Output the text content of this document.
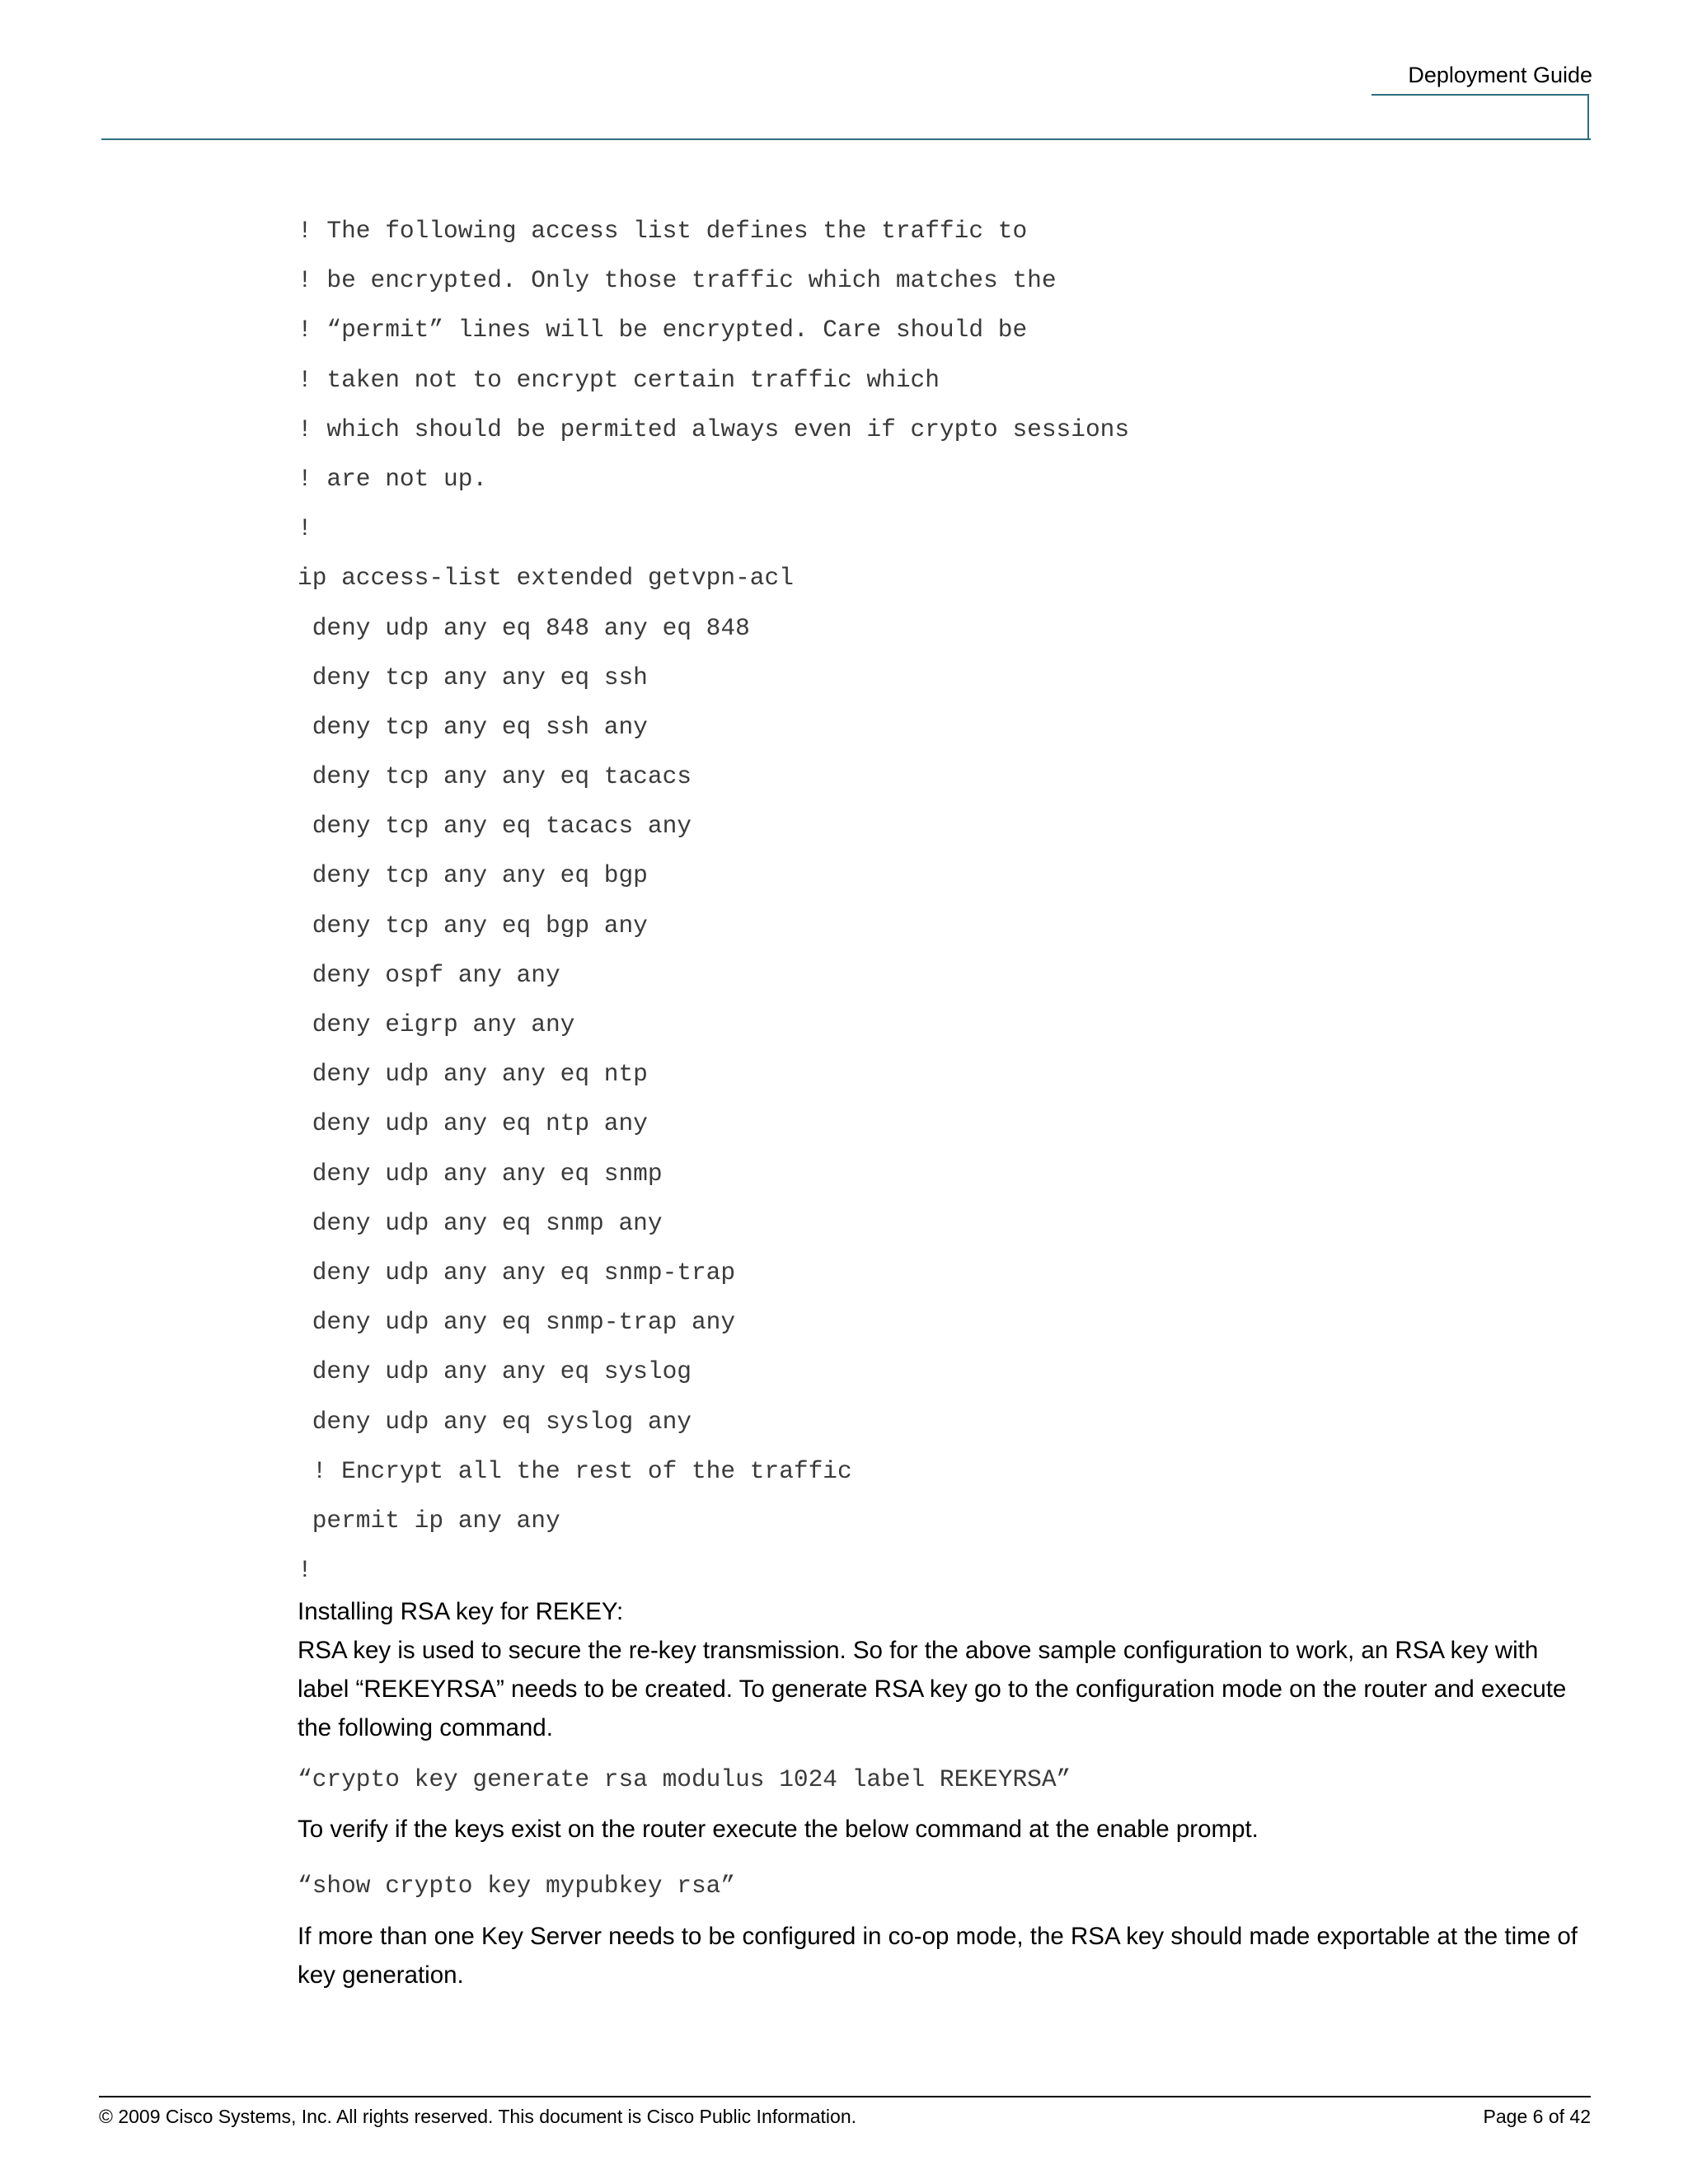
Deployment Guide
! The following access list defines the traffic to
! be encrypted. Only those traffic which matches the
! “permit” lines will be encrypted. Care should be
! taken not to encrypt certain traffic which
! which should be permited always even if crypto sessions
! are not up.
!
ip access-list extended getvpn-acl
deny udp any eq 848 any eq 848
deny tcp any any eq ssh
deny tcp any eq ssh any
deny tcp any any eq tacacs
deny tcp any eq tacacs any
deny tcp any any eq bgp
deny tcp any eq bgp any
deny ospf any any
deny eigrp any any
deny udp any any eq ntp
deny udp any eq ntp any
deny udp any any eq snmp
deny udp any eq snmp any
deny udp any any eq snmp-trap
deny udp any eq snmp-trap any
deny udp any any eq syslog
deny udp any eq syslog any
! Encrypt all the rest of the traffic
permit ip any any
!

Installing RSA key for REKEY:

RSA key is used to secure the re-key transmission. So for the above sample configuration to work, an RSA key with label “REKEYRSA” needs to be created. To generate RSA key go to the configuration mode on the router and execute the following command.

“crypto key generate rsa modulus 1024 label REKEYRSA”

To verify if the keys exist on the router execute the below command at the enable prompt.

“show crypto key mypubkey rsa”

If more than one Key Server needs to be configured in co-op mode, the RSA key should made exportable at the time of key generation.

© 2009 Cisco Systems, Inc. All rights reserved. This document is Cisco Public Information.	Page 6 of 42
